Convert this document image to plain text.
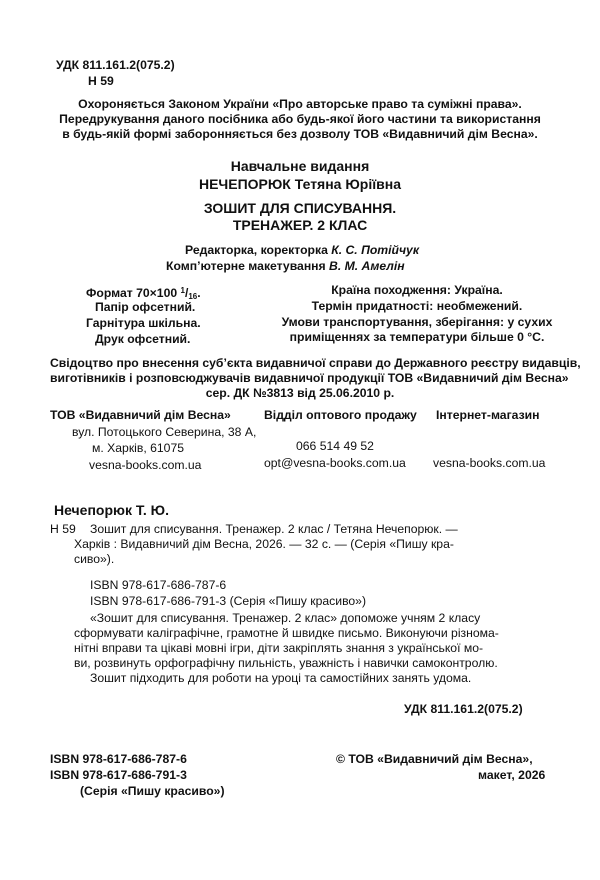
УДК 811.161.2(075.2)
Н 59
Охороняється Законом України «Про авторське право та суміжні права».
Передрукування даного посібника або будь-якої його частини та використання
в будь-якій формі заборонняється без дозволу ТОВ «Видавничий дім Весна».
Навчальне видання
НЕЧЕПОРЮК Тетяна Юріївна
ЗОШИТ ДЛЯ СПИСУВАННЯ.
ТРЕНАЖЕР. 2 КЛАС
Редакторка, коректорка К. С. Потійчук
Комп’ютерне макетування В. М. Амелін
Формат 70×100 $^1/_{16}$.
Папір офсетний.
Гарнітура шкільна.
Друк офсетний.
Країна походження: Україна.
Термін придатності: необмежений.
Умови транспортування, зберігання: у сухих
приміщеннях за температури більше 0 °С.
Свідоцтво про внесення суб’єкта видавничої справи до Державного реєстру видавців,
виготівників і розповсюджувачів видавничої продукції ТОВ «Видавничий дім Весна»
сер. ДК №3813 від 25.06.2010 р.
ТОВ «Видавничий дім Весна»
вул. Потоцького Северина, 38 А,
м. Харків, 61075
vesna-books.com.ua
Відділ оптового продажу
066 514 49 52
opt@vesna-books.com.ua
Інтернет-магазин
vesna-books.com.ua
Нечепорюк Т. Ю.
Н 59 Зошит для списування. Тренажер. 2 клас / Тетяна Нечепорюк. —
Харків : Видавничий дім Весна, 2026. — 32 с. — (Серія «Пишу кра-
сиво»).
ISBN 978-617-686-787-6
ISBN 978-617-686-791-3 (Серія «Пишу красиво»)
«Зошит для списування. Тренажер. 2 клас» допоможе учням 2 класу
сформувати каліграфічне, грамотне й швидке письмо. Виконуючи різнома-
нітні вправи та цікаві мовні ігри, діти закріплять знання з української мо-
ви, розвинуть орфографічну пильність, уважність і навички самоконтролю.
Зошит підходить для роботи на уроці та самостійних занять удома.
УДК 811.161.2(075.2)
ISBN 978-617-686-787-6
ISBN 978-617-686-791-3
(Серія «Пишу красиво»)
© ТОВ «Видавничий дім Весна»,
макет, 2026
